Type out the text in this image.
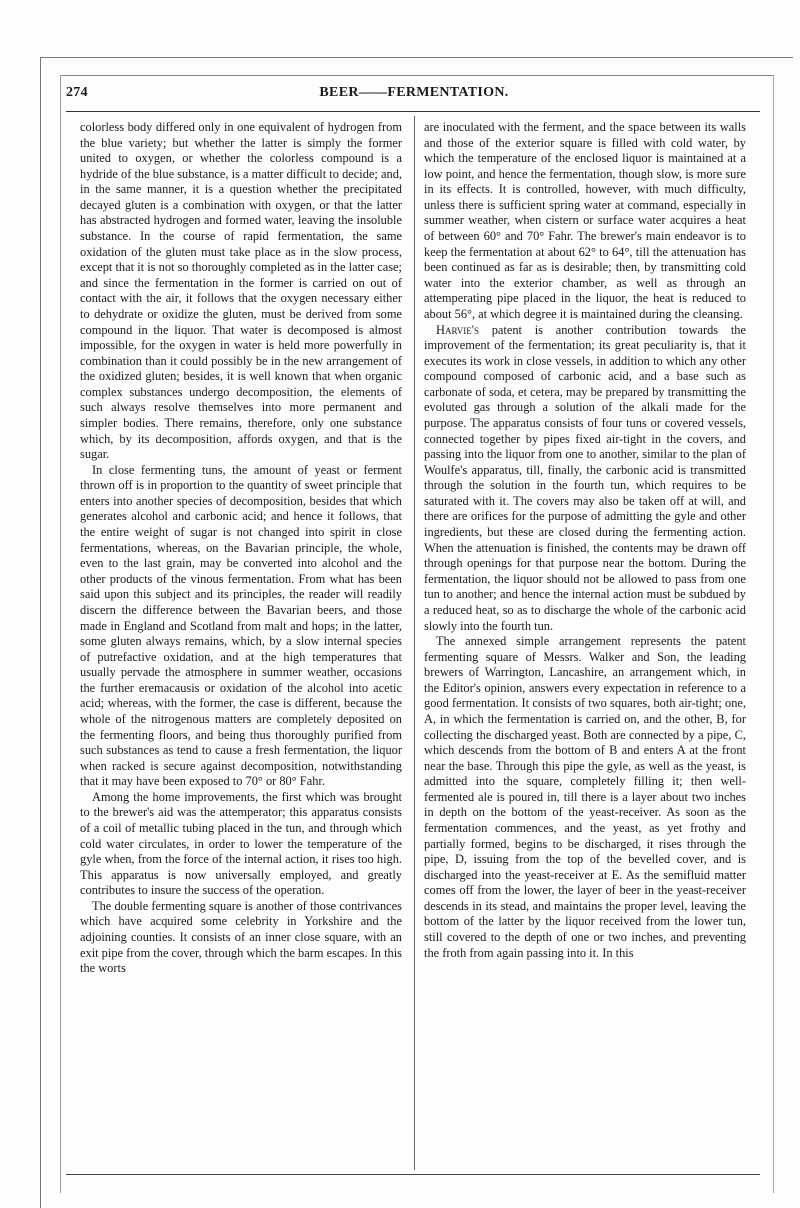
274	BEER——FERMENTATION.

colorless body differed only in one equivalent of hydrogen from the blue variety; but whether the latter is simply the former united to oxygen, or whether the colorless compound is a hydride of the blue substance, is a matter difficult to decide; and, in the same manner, it is a question whether the precipitated decayed gluten is a combination with oxygen, or that the latter has abstracted hydrogen and formed water, leaving the insoluble substance. In the course of rapid fermentation, the same oxidation of the gluten must take place as in the slow process, except that it is not so thoroughly completed as in the latter case; and since the fermentation in the former is carried on out of contact with the air, it follows that the oxygen necessary either to dehydrate or oxidize the gluten, must be derived from some compound in the liquor. That water is decomposed is almost impossible, for the oxygen in water is held more powerfully in combination than it could possibly be in the new arrangement of the oxidized gluten; besides, it is well known that when organic complex substances undergo decomposition, the elements of such always resolve themselves into more permanent and simpler bodies. There remains, therefore, only one substance which, by its decomposition, affords oxygen, and that is the sugar.

In close fermenting tuns, the amount of yeast or ferment thrown off is in proportion to the quantity of sweet principle that enters into another species of decomposition, besides that which generates alcohol and carbonic acid; and hence it follows, that the entire weight of sugar is not changed into spirit in close fermentations, whereas, on the Bavarian principle, the whole, even to the last grain, may be converted into alcohol and the other products of the vinous fermentation. From what has been said upon this subject and its principles, the reader will readily discern the difference between the Bavarian beers, and those made in England and Scotland from malt and hops; in the latter, some gluten always remains, which, by a slow internal species of putrefactive oxidation, and at the high temperatures that usually pervade the atmosphere in summer weather, occasions the further eremacausis or oxidation of the alcohol into acetic acid; whereas, with the former, the case is different, because the whole of the nitrogenous matters are completely deposited on the fermenting floors, and being thus thoroughly purified from such substances as tend to cause a fresh fermentation, the liquor when racked is secure against decomposition, notwithstanding that it may have been exposed to 70° or 80° Fahr.

Among the home improvements, the first which was brought to the brewer's aid was the attemperator; this apparatus consists of a coil of metallic tubing placed in the tun, and through which cold water circulates, in order to lower the temperature of the gyle when, from the force of the internal action, it rises too high. This apparatus is now universally employed, and greatly contributes to insure the success of the operation.

The double fermenting square is another of those contrivances which have acquired some celebrity in Yorkshire and the adjoining counties. It consists of an inner close square, with an exit pipe from the cover, through which the barm escapes. In this the worts

are inoculated with the ferment, and the space between its walls and those of the exterior square is filled with cold water, by which the temperature of the enclosed liquor is maintained at a low point, and hence the fermentation, though slow, is more sure in its effects. It is controlled, however, with much difficulty, unless there is sufficient spring water at command, especially in summer weather, when cistern or surface water acquires a heat of between 60° and 70° Fahr. The brewer's main endeavor is to keep the fermentation at about 62° to 64°, till the attenuation has been continued as far as is desirable; then, by transmitting cold water into the exterior chamber, as well as through an attemperating pipe placed in the liquor, the heat is reduced to about 56°, at which degree it is maintained during the cleansing.

Harvie's patent is another contribution towards the improvement of the fermentation; its great peculiarity is, that it executes its work in close vessels, in addition to which any other compound composed of carbonic acid, and a base such as carbonate of soda, et cetera, may be prepared by transmitting the evoluted gas through a solution of the alkali made for the purpose. The apparatus consists of four tuns or covered vessels, connected together by pipes fixed air-tight in the covers, and passing into the liquor from one to another, similar to the plan of Woulfe's apparatus, till, finally, the carbonic acid is transmitted through the solution in the fourth tun, which requires to be saturated with it. The covers may also be taken off at will, and there are orifices for the purpose of admitting the gyle and other ingredients, but these are closed during the fermenting action. When the attenuation is finished, the contents may be drawn off through openings for that purpose near the bottom. During the fermentation, the liquor should not be allowed to pass from one tun to another; and hence the internal action must be subdued by a reduced heat, so as to discharge the whole of the carbonic acid slowly into the fourth tun.

The annexed simple arrangement represents the patent fermenting square of Messrs. Walker and Son, the leading brewers of Warrington, Lancashire, an arrangement which, in the Editor's opinion, answers every expectation in reference to a good fermentation. It consists of two squares, both air-tight; one, A, in which the fermentation is carried on, and the other, B, for collecting the discharged yeast. Both are connected by a pipe, C, which descends from the bottom of B and enters A at the front near the base. Through this pipe the gyle, as well as the yeast, is admitted into the square, completely filling it; then well-fermented ale is poured in, till there is a layer about two inches in depth on the bottom of the yeast-receiver. As soon as the fermentation commences, and the yeast, as yet frothy and partially formed, begins to be discharged, it rises through the pipe, D, issuing from the top of the bevelled cover, and is discharged into the yeast-receiver at E. As the semifluid matter comes off from the lower, the layer of beer in the yeast-receiver descends in its stead, and maintains the proper level, leaving the bottom of the latter by the liquor received from the lower tun, still covered to the depth of one or two inches, and preventing the froth from again passing into it. In this
